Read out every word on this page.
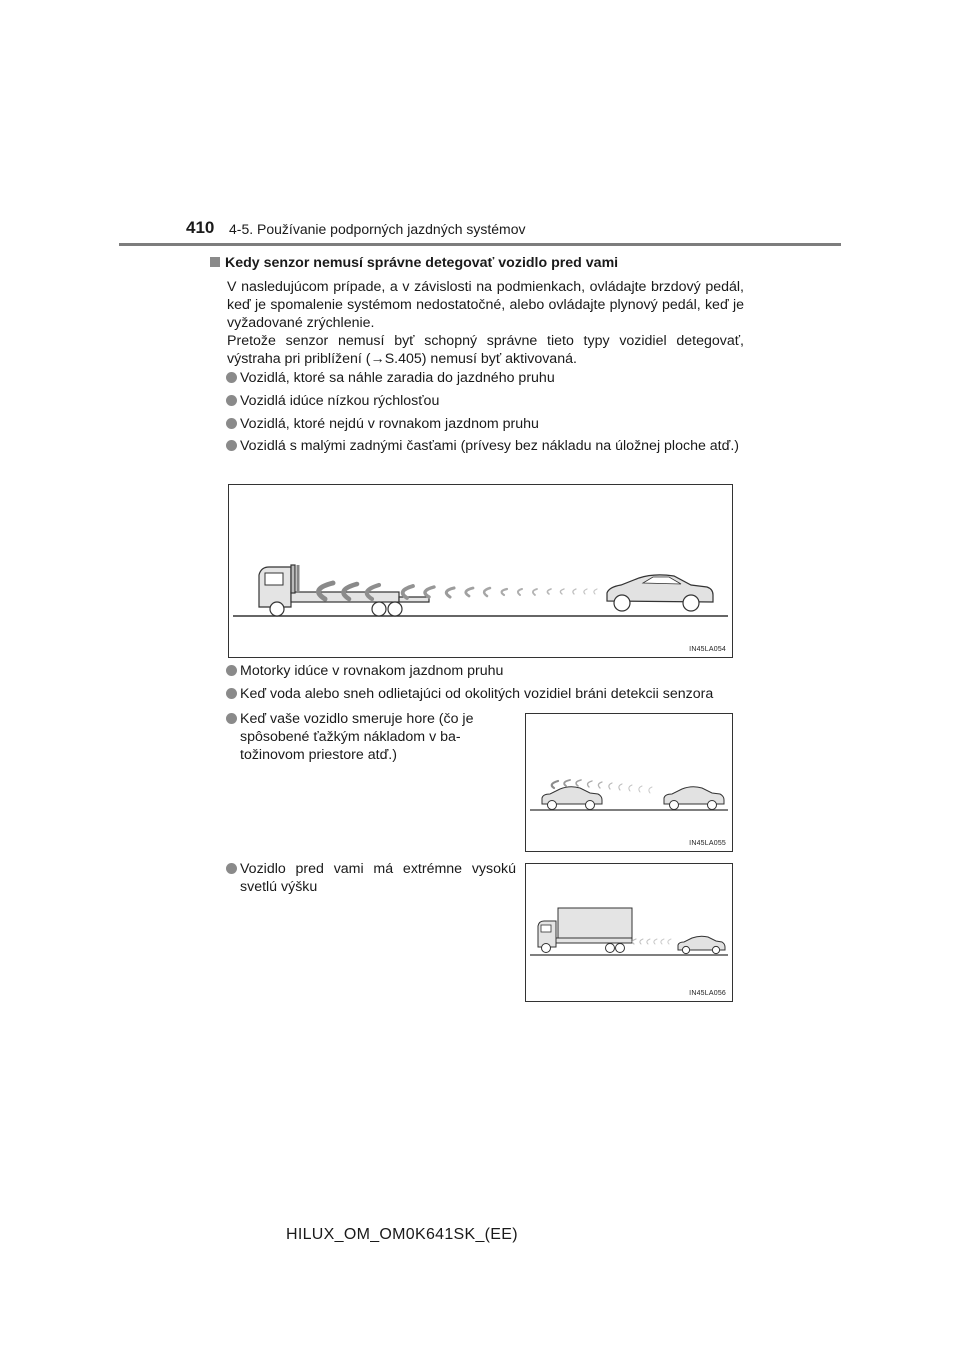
410 4-5. Používanie podporných jazdných systémov
Kedy senzor nemusí správne detegovať vozidlo pred vami
V nasledujúcom prípade, a v závislosti na podmienkach, ovládajte brzdový pedál, keď je spomalenie systémom nedostatočné, alebo ovládajte plynový pedál, keď je vyžadované zrýchlenie.
Pretože senzor nemusí byť schopný správne tieto typy vozidiel detegovať, výstraha pri priblížení (→S.405) nemusí byť aktivovaná.
Vozidlá, ktoré sa náhle zaradia do jazdného pruhu
Vozidlá idúce nízkou rýchlosťou
Vozidlá, ktoré nejdú v rovnakom jazdnom pruhu
Vozidlá s malými zadnými časťami (prívesy bez nákladu na úložnej ploche atď.)
IN45LA054
Motorky idúce v rovnakom jazdnom pruhu
Keď voda alebo sneh odlietajúci od okolitých vozidiel bráni detekcii senzora
Keď vaše vozidlo smeruje hore (čo je spôsobené ťažkým nákladom v ba-tožinovom priestore atď.)
IN45LA055
Vozidlo pred vami má extrémne vysokú svetlú výšku
IN45LA056
HILUX_OM_OM0K641SK_(EE)
